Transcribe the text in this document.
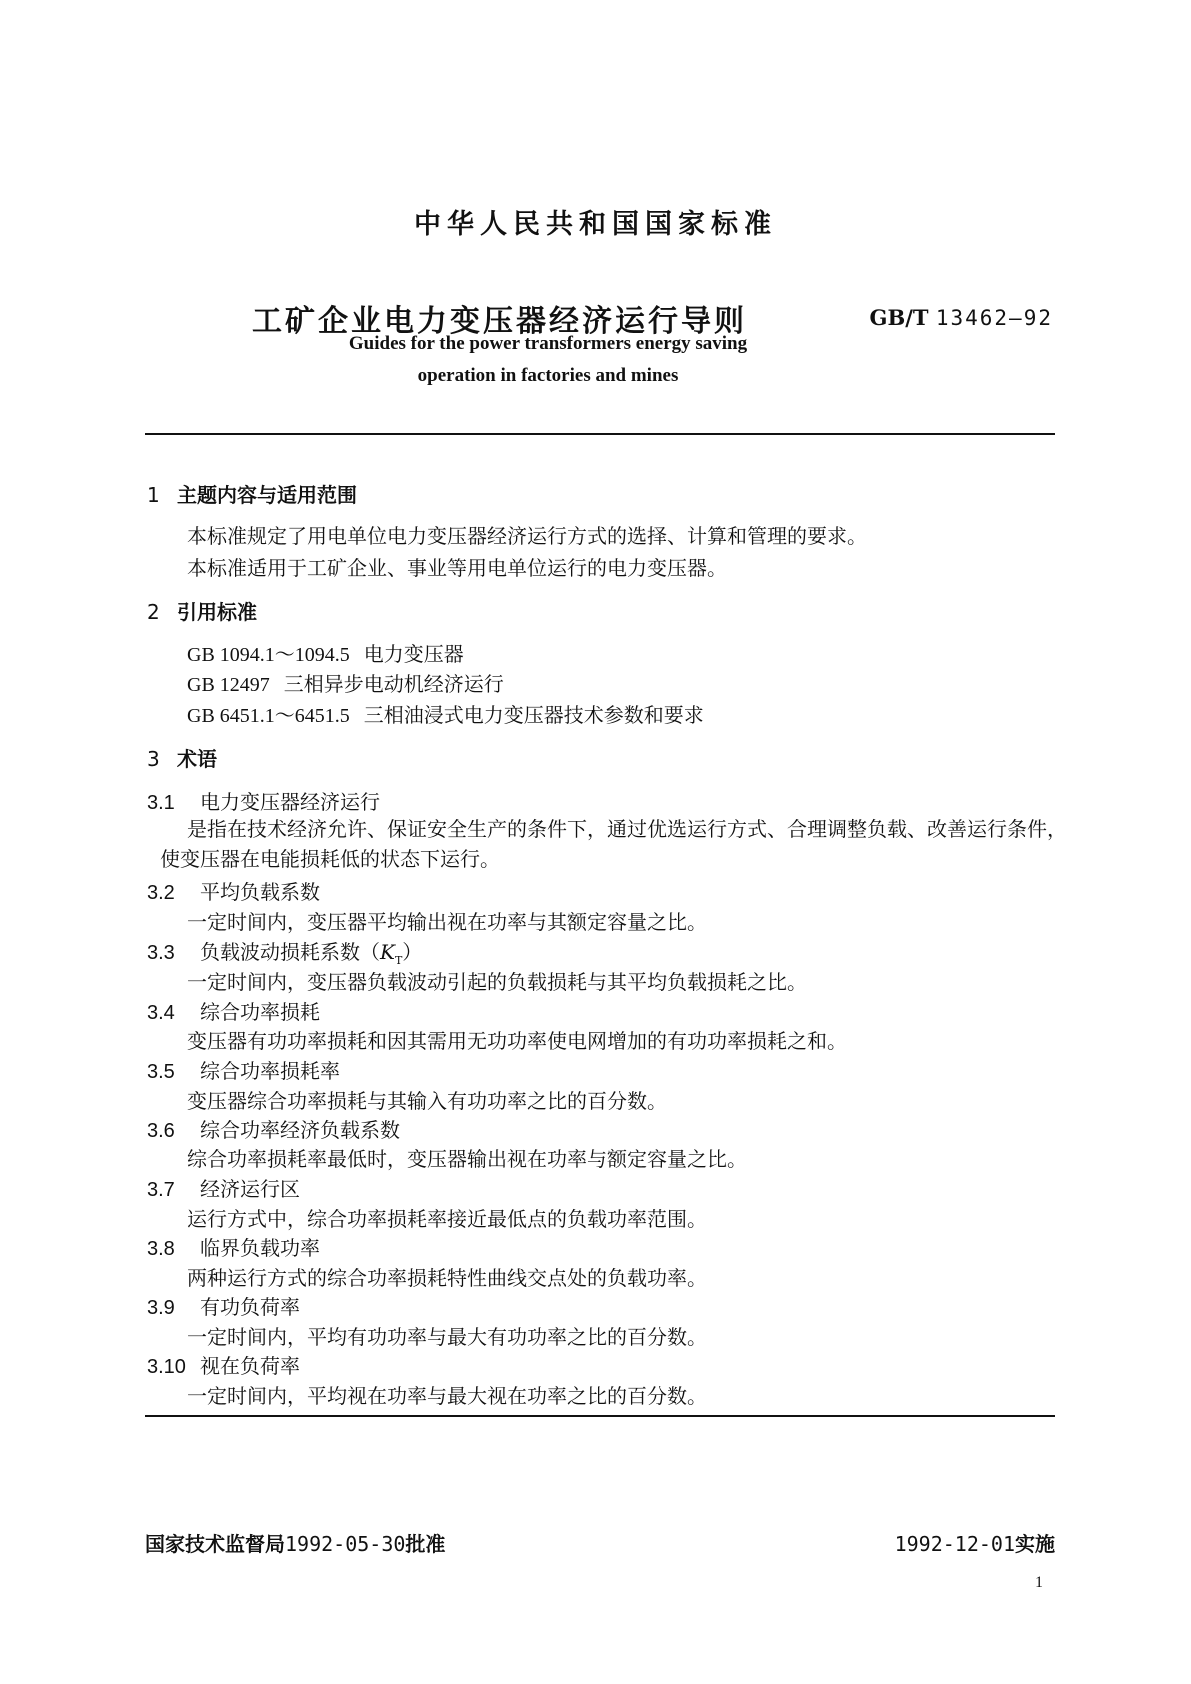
中华人民共和国国家标准
工矿企业电力变压器经济运行导则	GB/T 13462—92
Guides for the power transformers energy saving
operation in factories and mines
1 主题内容与适用范围
本标准规定了用电单位电力变压器经济运行方式的选择、计算和管理的要求。
本标准适用于工矿企业、事业等用电单位运行的电力变压器。
2 引用标准
GB 1094.1～1094.5 电力变压器
GB 12497 三相异步电动机经济运行
GB 6451.1～6451.5 三相油浸式电力变压器技术参数和要求
3 术语
3.1 电力变压器经济运行
是指在技术经济允许、保证安全生产的条件下，通过优选运行方式、合理调整负载、改善运行条件，使变压器在电能损耗低的状态下运行。
3.2 平均负载系数
一定时间内，变压器平均输出视在功率与其额定容量之比。
3.3 负载波动损耗系数$(K_T)$
一定时间内，变压器负载波动引起的负载损耗与其平均负载损耗之比。
3.4 综合功率损耗
变压器有功功率损耗和因其需用无功功率使电网增加的有功功率损耗之和。
3.5 综合功率损耗率
变压器综合功率损耗与其输入有功功率之比的百分数。
3.6 综合功率经济负载系数
综合功率损耗率最低时，变压器输出视在功率与额定容量之比。
3.7 经济运行区
运行方式中，综合功率损耗率接近最低点的负载功率范围。
3.8 临界负载功率
两种运行方式的综合功率损耗特性曲线交点处的负载功率。
3.9 有功负荷率
一定时间内，平均有功功率与最大有功功率之比的百分数。
3.10 视在负荷率
一定时间内，平均视在功率与最大视在功率之比的百分数。
国家技术监督局1992-05-30批准	1992-12-01实施
1
